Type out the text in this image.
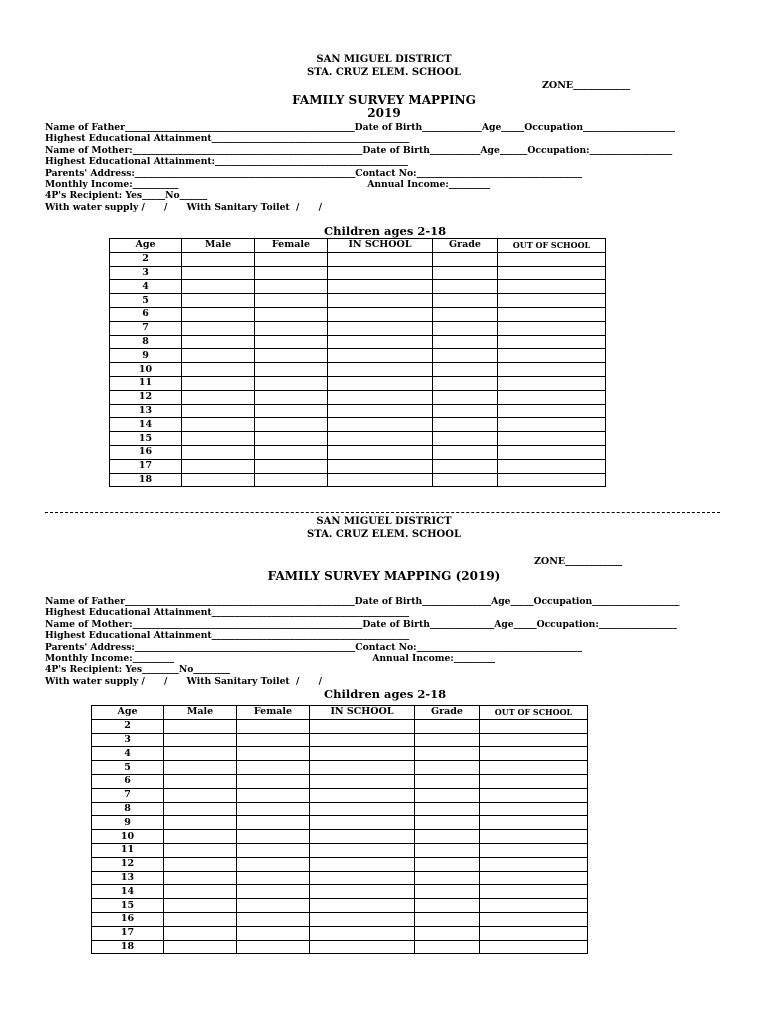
SAN MIGUEL DISTRICT
STA. CRUZ ELEM. SCHOOL
ZONE____________
FAMILY SURVEY MAPPING
2019
Name of Father__________________________________________________Date of Birth_____________Age_____Occupation____________________
Highest Educational Attainment___________________________________________
Name of Mother:__________________________________________________Date of Birth___________Age______Occupation:__________________
Highest Educational Attainment:__________________________________________
Parents' Address:________________________________________________Contact No:____________________________________
Monthly Income:__________                                                           Annual Income:_________
4P's Recipient: Yes_____No______
With water supply /      /      With Sanitary Toilet  /      /
Children ages 2-18
Age	Male	Female	IN SCHOOL	Grade	OUT OF SCHOOL
2					
3					
4					
5					
6					
7					
8					
9					
10					
11					
12					
13					
14					
15					
16					
17					
18					
SAN MIGUEL DISTRICT
STA. CRUZ ELEM. SCHOOL
ZONE____________
FAMILY SURVEY MAPPING (2019)
Name of Father__________________________________________________Date of Birth_______________Age_____Occupation___________________
Highest Educational Attainment___________________________________________
Name of Mother:__________________________________________________Date of Birth______________Age_____Occupation:_________________
Highest Educational Attainment___________________________________________
Parents' Address:________________________________________________Contact No:____________________________________
Monthly Income:_________                                                              Annual Income:_________
4P's Recipient: Yes________No________
With water supply /      /      With Sanitary Toilet  /      /
Children ages 2-18
Age	Male	Female	IN SCHOOL	Grade	OUT OF SCHOOL
2					
3					
4					
5					
6					
7					
8					
9					
10					
11					
12					
13					
14					
15					
16					
17					
18					
